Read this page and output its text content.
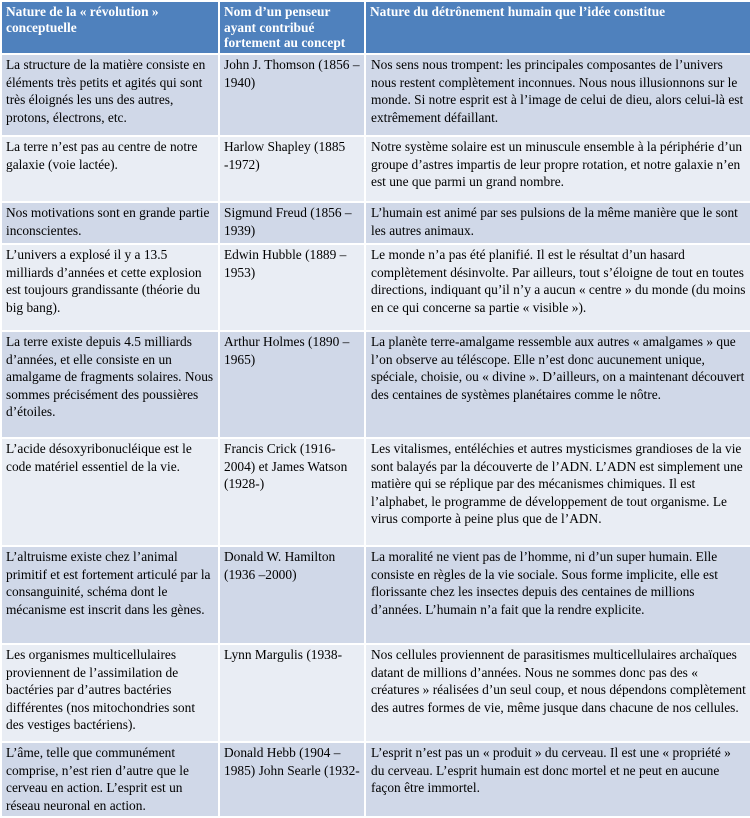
Nature de la « révolution » conceptuelle	Nom d’un penseur ayant contribué fortement au concept	Nature du détrônement humain que l’idée constitue
La structure de la matière consiste en éléments très petits et agités qui sont très éloignés les uns des autres, protons, électrons, etc.	John J. Thomson (1856 –1940)	Nos sens nous trompent: les principales composantes de l’univers nous restent complètement inconnues. Nous nous illusionnons sur le monde. Si notre esprit est à l’image de celui de dieu, alors celui-là est extrêmement défaillant.
La terre n’est pas au centre de notre galaxie (voie lactée).	Harlow Shapley (1885 -1972)	Notre système solaire est un minuscule ensemble à la périphérie d’un groupe d’astres impartis de leur propre rotation, et notre galaxie n’en est une que parmi un grand nombre.
Nos motivations sont en grande partie inconscientes.	Sigmund Freud (1856 –1939)	L’humain est animé par ses pulsions de la même manière que le sont les autres animaux.
L’univers a explosé il y a 13.5 milliards d’années et cette explosion est toujours grandissante (théorie du big bang).	Edwin Hubble (1889 – 1953)	Le monde n’a pas été planifié. Il est le résultat d’un hasard complètement désinvolte. Par ailleurs, tout s’éloigne de tout en toutes directions, indiquant qu’il n’y a aucun « centre » du monde (du moins en ce qui concerne sa partie « visible »).
La terre existe depuis 4.5 milliards d’années, et elle consiste en un amalgame de fragments solaires. Nous sommes précisément des poussières d’étoiles.	Arthur Holmes (1890 – 1965)	La planète terre-amalgame ressemble aux autres « amalgames » que l’on observe au téléscope. Elle n’est donc aucunement unique, spéciale, choisie, ou « divine ». D’ailleurs, on a maintenant découvert des centaines de systèmes planétaires comme le nôtre.
L’acide désoxyribonucléique est le code matériel essentiel de la vie.	Francis Crick (1916-2004) et James Watson (1928-)	Les vitalismes, entéléchies et autres mysticismes grandioses de la vie sont balayés par la découverte de l’ADN. L’ADN est simplement une matière qui se réplique par des mécanismes chimiques. Il est l’alphabet, le programme de développement de tout organisme. Le virus comporte à peine plus que de l’ADN.
L’altruisme existe chez l’animal primitif et est fortement articulé par la consanguinité, schéma dont le mécanisme est inscrit dans les gènes.	Donald W. Hamilton (1936 –2000)	La moralité ne vient pas de l’homme, ni d’un super humain. Elle consiste en règles de la vie sociale. Sous forme implicite, elle est florissante chez les insectes depuis des centaines de millions d’années. L’humain n’a fait que la rendre explicite.
Les organismes multicellulaires proviennent de l’assimilation de bactéries par d’autres bactéries différentes (nos mitochondries sont des vestiges bactériens).	Lynn Margulis (1938-	Nos cellules proviennent de parasitismes multicellulaires archaïques datant de millions d’années. Nous ne sommes donc pas des « créatures » réalisées d’un seul coup, et nous dépendons complètement des autres formes de vie, même jusque dans chacune de nos cellules.
L’âme, telle que communément comprise, n’est rien d’autre que le cerveau en action. L’esprit est un réseau neuronal en action.	Donald Hebb (1904 – 1985) John Searle (1932-	L’esprit n’est pas un « produit » du cerveau. Il est une « propriété » du cerveau. L’esprit humain est donc mortel et ne peut en aucune façon être immortel.
